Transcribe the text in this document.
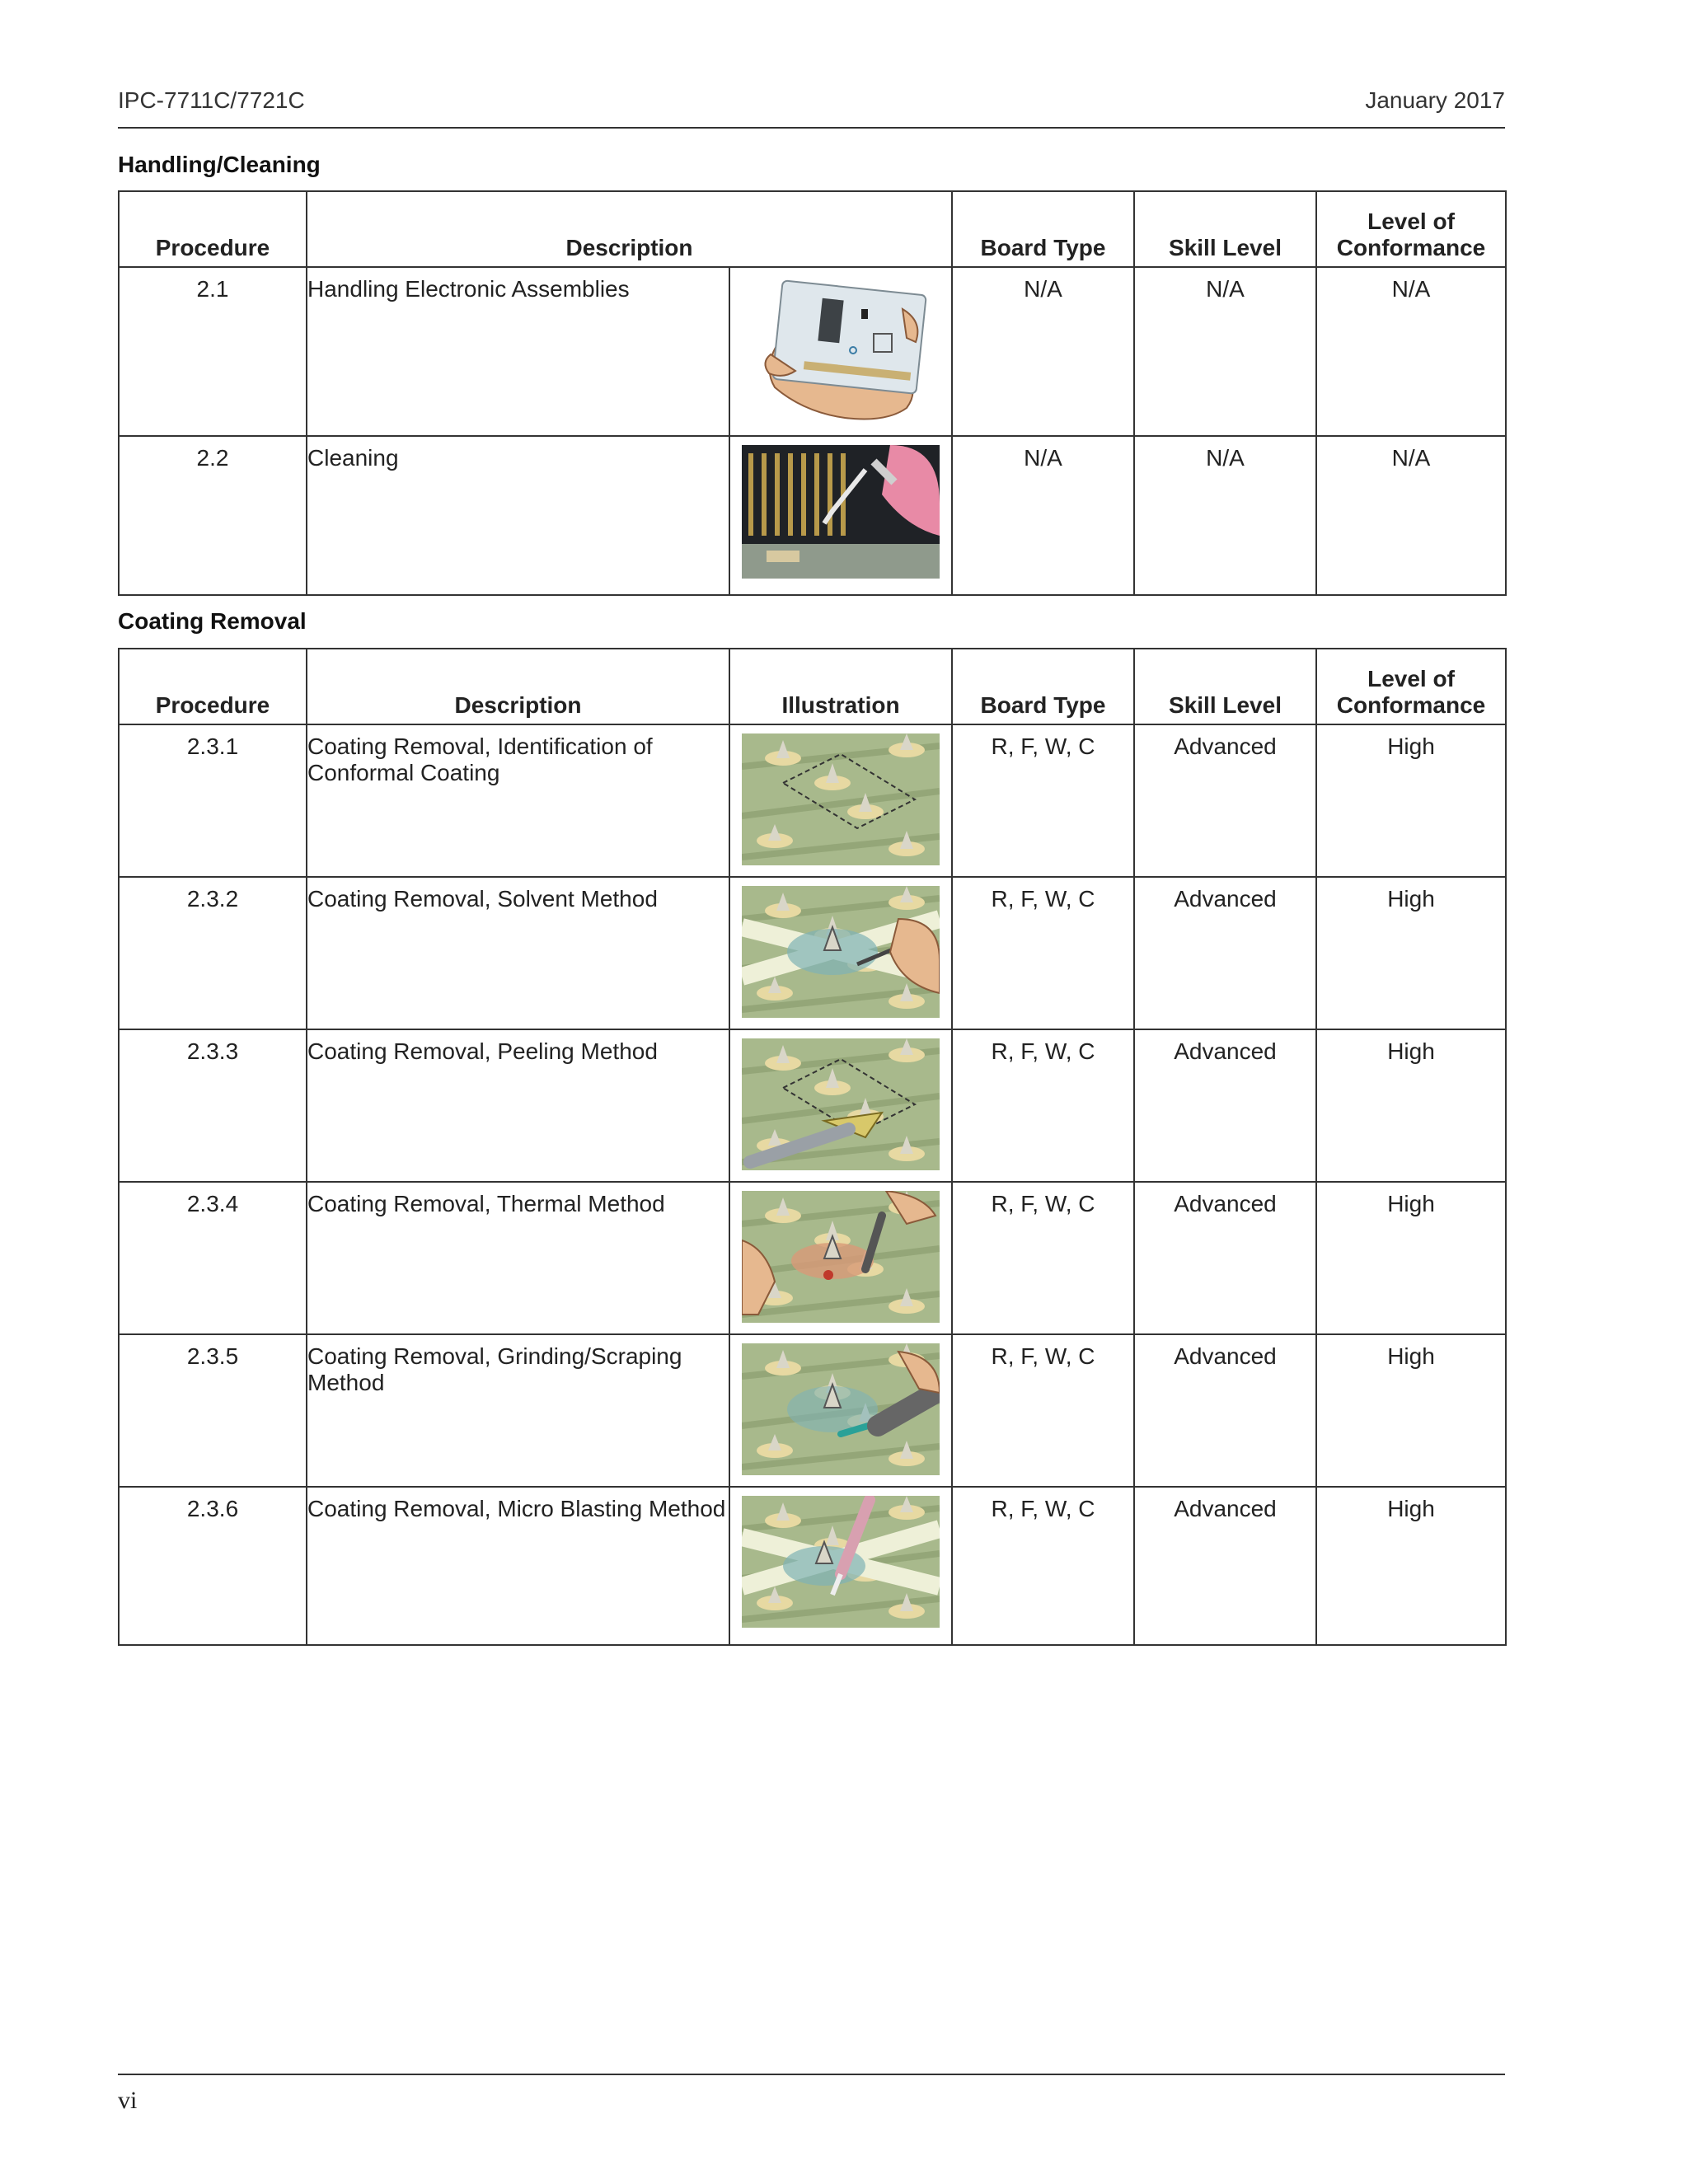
IPC-7711C/7721C	January 2017
Handling/Cleaning
Procedure	Description		Board Type	Skill Level	Level of Conformance
2.1	Handling Electronic Assemblies		N/A	N/A	N/A
2.2	Cleaning		N/A	N/A	N/A
Coating Removal
Procedure	Description	Illustration	Board Type	Skill Level	Level of Conformance
2.3.1	Coating Removal, Identification of Conformal Coating		R, F, W, C	Advanced	High
2.3.2	Coating Removal, Solvent Method		R, F, W, C	Advanced	High
2.3.3	Coating Removal, Peeling Method		R, F, W, C	Advanced	High
2.3.4	Coating Removal, Thermal Method		R, F, W, C	Advanced	High
2.3.5	Coating Removal, Grinding/Scraping Method		R, F, W, C	Advanced	High
2.3.6	Coating Removal, Micro Blasting Method		R, F, W, C	Advanced	High
vi
